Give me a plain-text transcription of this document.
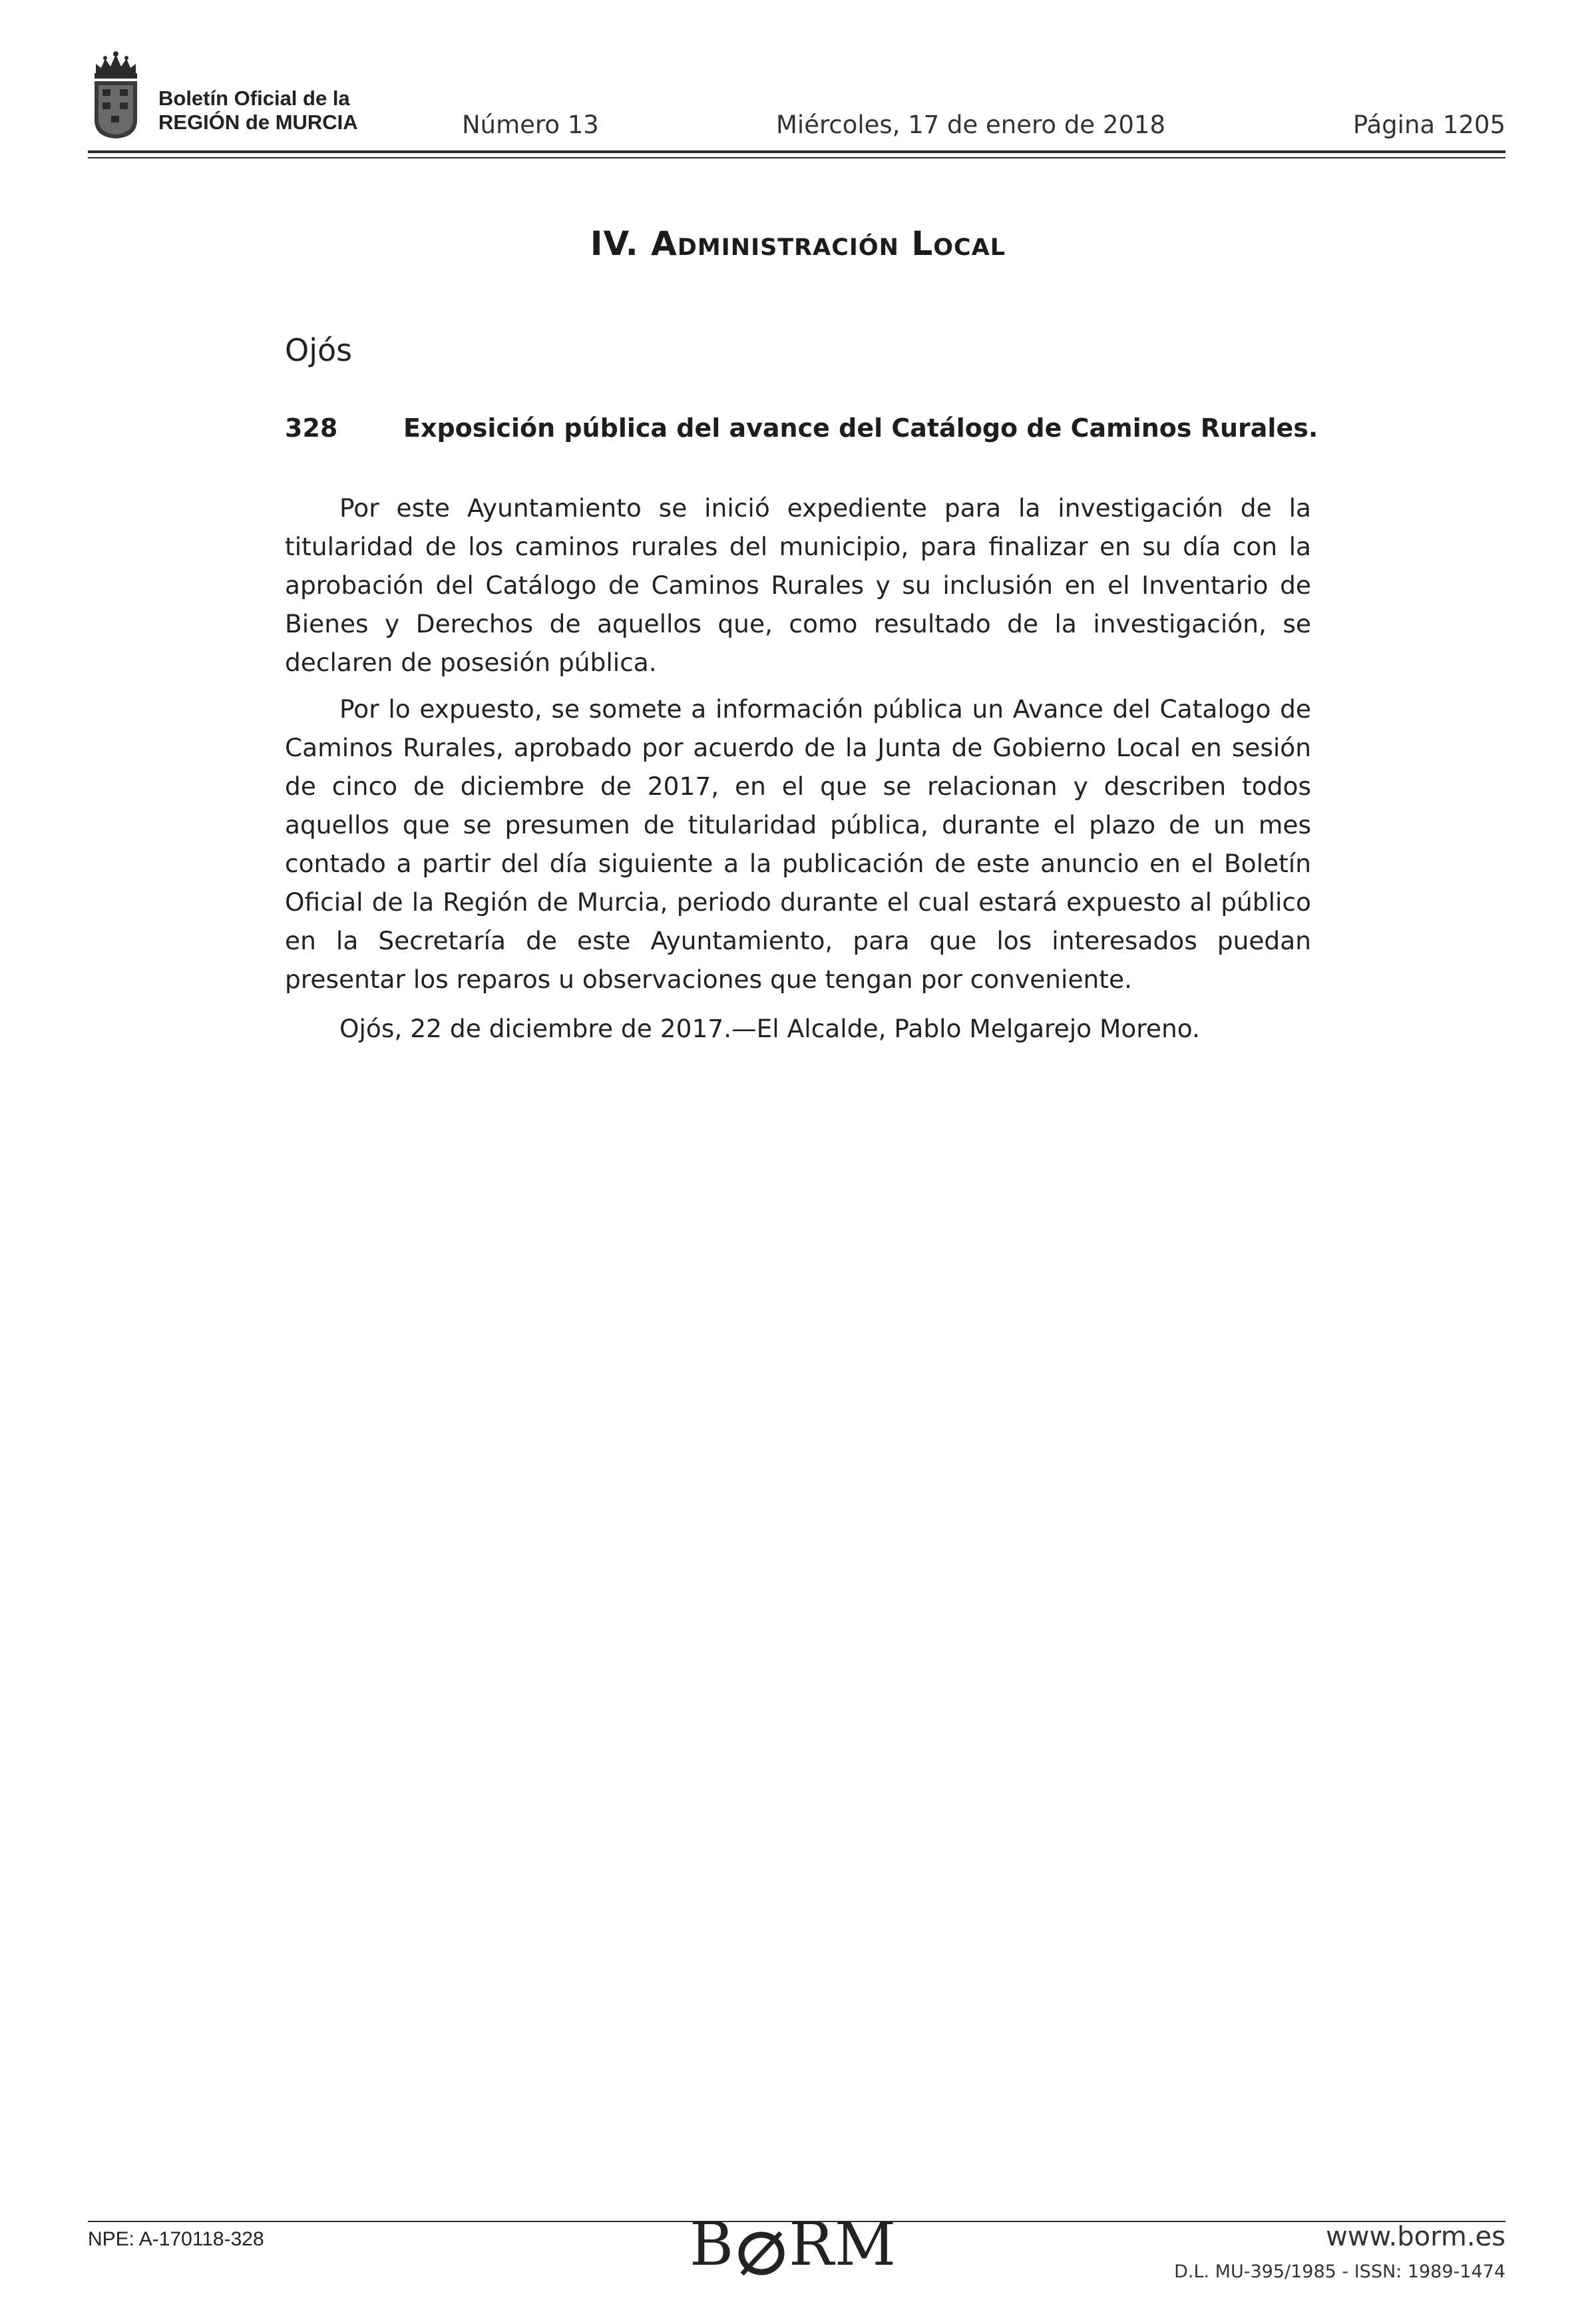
Boletín Oficial de la
REGIÓN de MURCIA	Número 13	Miércoles, 17 de enero de 2018	Página 1205
IV. Administración Local
Ojós
328	Exposición pública del avance del Catálogo de Caminos Rurales.

Por este Ayuntamiento se inició expediente para la investigación de la titularidad de los caminos rurales del municipio, para finalizar en su día con la aprobación del Catálogo de Caminos Rurales y su inclusión en el Inventario de Bienes y Derechos de aquellos que, como resultado de la investigación, se declaren de posesión pública.

Por lo expuesto, se somete a información pública un Avance del Catalogo de Caminos Rurales, aprobado por acuerdo de la Junta de Gobierno Local en sesión de cinco de diciembre de 2017, en el que se relacionan y describen todos aquellos que se presumen de titularidad pública, durante el plazo de un mes contado a partir del día siguiente a la publicación de este anuncio en el Boletín Oficial de la Región de Murcia, periodo durante el cual estará expuesto al público en la Secretaría de este Ayuntamiento, para que los interesados puedan presentar los reparos u observaciones que tengan por conveniente.

Ojós, 22 de diciembre de 2017.—El Alcalde, Pablo Melgarejo Moreno.

NPE: A-170118-328	B RM	www.borm.es
D.L. MU-395/1985 - ISSN: 1989-1474
